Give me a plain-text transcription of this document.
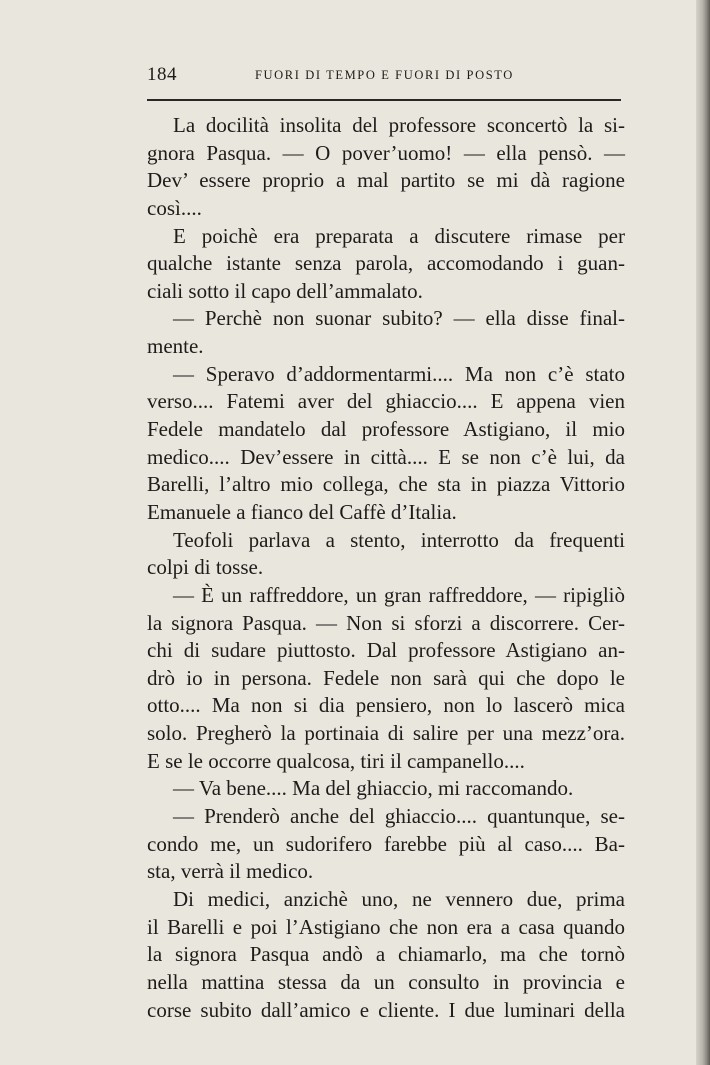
184	FUORI DI TEMPO E FUORI DI POSTO
La docilità insolita del professore sconcertò la si-
gnora Pasqua. — O pover’uomo! — ella pensò. —
Dev’ essere proprio a mal partito se mi dà ragione
così....
E poichè era preparata a discutere rimase per
qualche istante senza parola, accomodando i guan-
ciali sotto il capo dell’ammalato.
— Perchè non suonar subito? — ella disse final-
mente.
— Speravo d’addormentarmi.... Ma non c’è stato
verso.... Fatemi aver del ghiaccio.... E appena vien
Fedele mandatelo dal professore Astigiano, il mio
medico.... Dev’essere in città.... E se non c’è lui, da
Barelli, l’altro mio collega, che sta in piazza Vittorio
Emanuele a fianco del Caffè d’Italia.
Teofoli parlava a stento, interrotto da frequenti
colpi di tosse.
— È un raffreddore, un gran raffreddore, — ripigliò
la signora Pasqua. — Non si sforzi a discorrere. Cer-
chi di sudare piuttosto. Dal professore Astigiano an-
drò io in persona. Fedele non sarà qui che dopo le
otto.... Ma non si dia pensiero, non lo lascerò mica
solo. Pregherò la portinaia di salire per una mezz’ora.
E se le occorre qualcosa, tiri il campanello....
— Va bene.... Ma del ghiaccio, mi raccomando.
— Prenderò anche del ghiaccio.... quantunque, se-
condo me, un sudorifero farebbe più al caso.... Ba-
sta, verrà il medico.
Di medici, anzichè uno, ne vennero due, prima
il Barelli e poi l’Astigiano che non era a casa quando
la signora Pasqua andò a chiamarlo, ma che tornò
nella mattina stessa da un consulto in provincia e
corse subito dall’amico e cliente. I due luminari della
